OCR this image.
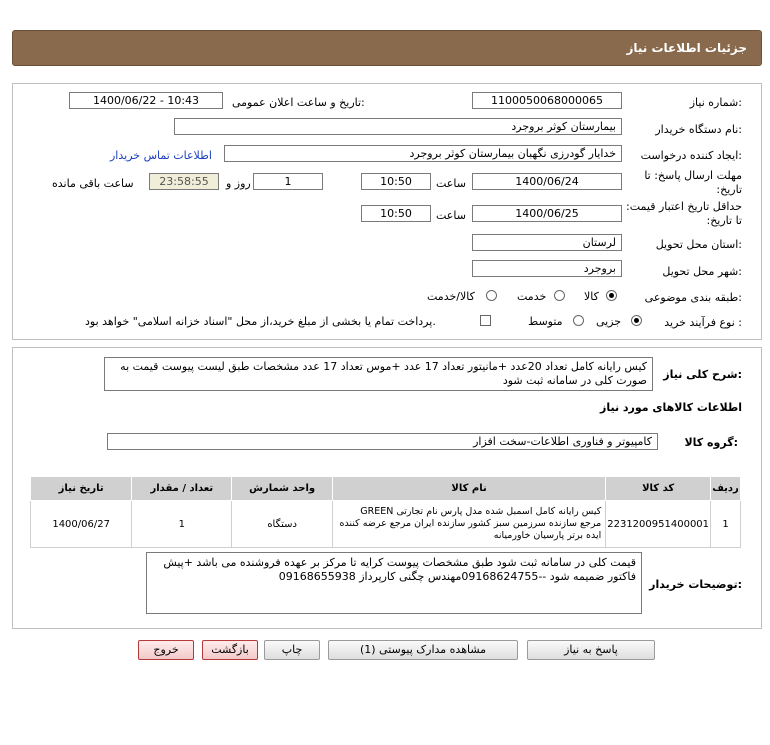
جزئیات اطلاعات نیاز
شماره نیاز:
1100050068000065
تاریخ و ساعت اعلان عمومی:
1400/06/22 - 10:43
نام دستگاه خریدار:
بیمارستان کوثر بروجرد
ایجاد کننده درخواست:
خدایار گودرزی نگهبان بیمارستان کوثر بروجرد
اطلاعات تماس خریدار
مهلت ارسال پاسخ: تا تاریخ:
1400/06/24
ساعت
10:50
1
روز و
23:58:55
ساعت باقی مانده
حداقل تاریخ اعتبار قیمت: تا تاریخ:
1400/06/25
ساعت
10:50
استان محل تحویل:
لرستان
شهر محل تحویل:
بروجرد
طبقه بندی موضوعی:
کالا
خدمت
کالا/خدمت
نوع فرآیند خرید :
جزیی
متوسط
پرداخت تمام یا بخشی از مبلغ خرید،از محل "اسناد خزانه اسلامی" خواهد بود.
شرح کلی نیاز:
کیس رایانه کامل تعداد 20عدد +مانیتور تعداد 17 عدد +موس تعداد 17 عدد مشخصات طبق لیست پیوست قیمت به صورت کلی در سامانه ثبت شود
اطلاعات کالاهای مورد نیاز
گروه کالا:
کامپیوتر و فناوری اطلاعات-سخت افزار
ردیف	کد کالا	نام کالا	واحد شمارش	تعداد / مقدار	تاریخ نیاز
1	2231200951400001	کیس رایانه کامل اسمبل شده مدل پارس نام تجارتی GREEN مرجع سازنده سرزمین سبز کشور سازنده ایران مرجع عرضه کننده ایده برتر پارسیان خاورمیانه	دستگاه	1	1400/06/27
توضیحات خریدار:
قیمت کلی در سامانه ثبت شود طبق مشخصات پیوست کرایه تا مرکز بر عهده فروشنده می باشد +پیش فاکتور ضمیمه شود --09168624755مهندس چگنی کارپرداز 09168655938
پاسخ به نیاز
مشاهده مدارک پیوستی (1)
چاپ
بازگشت
خروج
